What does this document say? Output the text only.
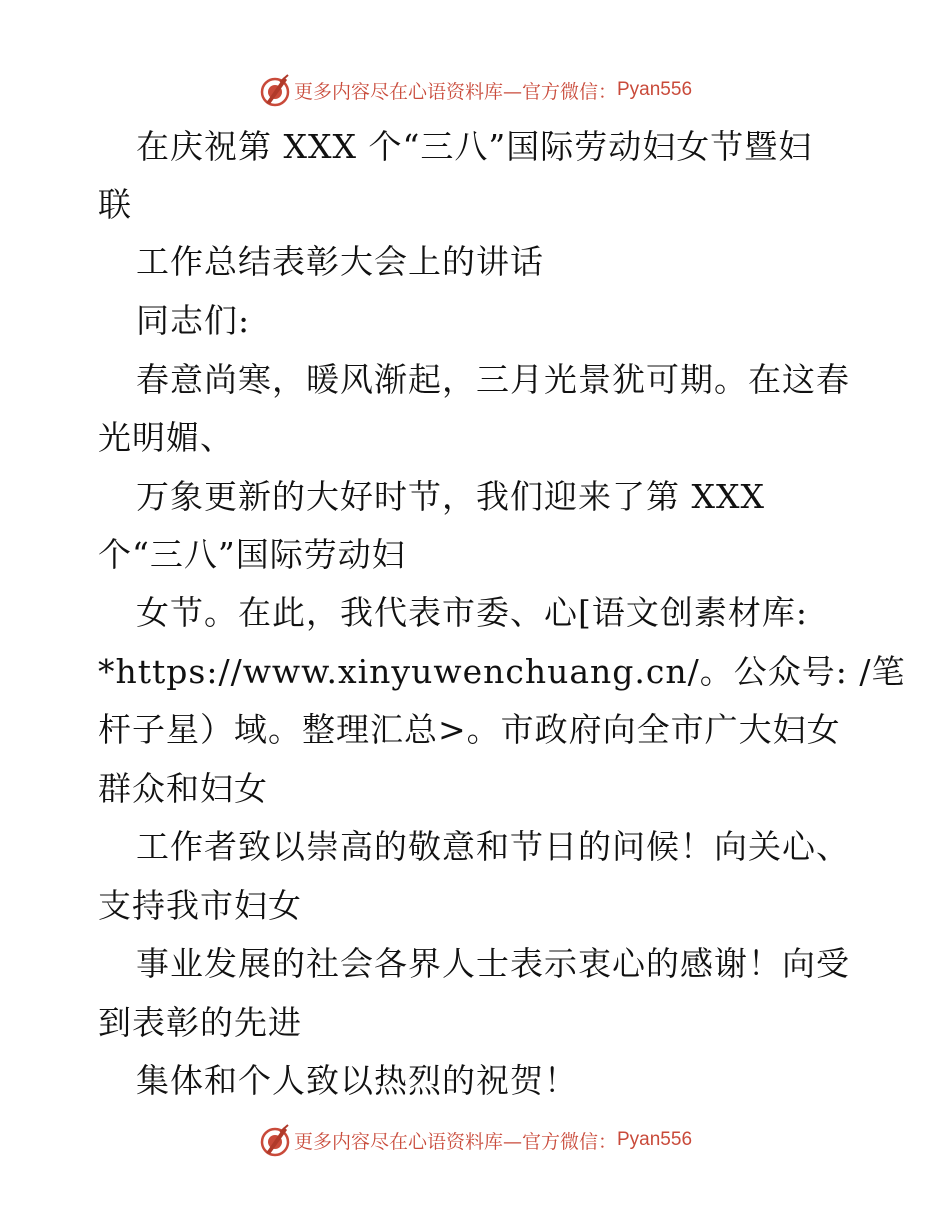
更多内容尽在心语资料库—官方微信： Pyan556
在庆祝第 XXX 个“三八”国际劳动妇女节暨妇
联
工作总结表彰大会上的讲话
同志们:
春意尚寒，暖风渐起，三月光景犹可期。在这春
光明媚、
万象更新的大好时节，我们迎来了第 XXX
个“三八”国际劳动妇
女节。在此，我代表市委、心[语文创素材库:
*https://www.xinyuwenchuang.cn/。公众号: /笔
杆子星）域。整理汇总>。市政府向全市广大妇女
群众和妇女
工作者致以崇高的敬意和节日的问候！向关心、
支持我市妇女
事业发展的社会各界人士表示衷心的感谢！向受
到表彰的先进
集体和个人致以热烈的祝贺！
更多内容尽在心语资料库—官方微信： Pyan556
